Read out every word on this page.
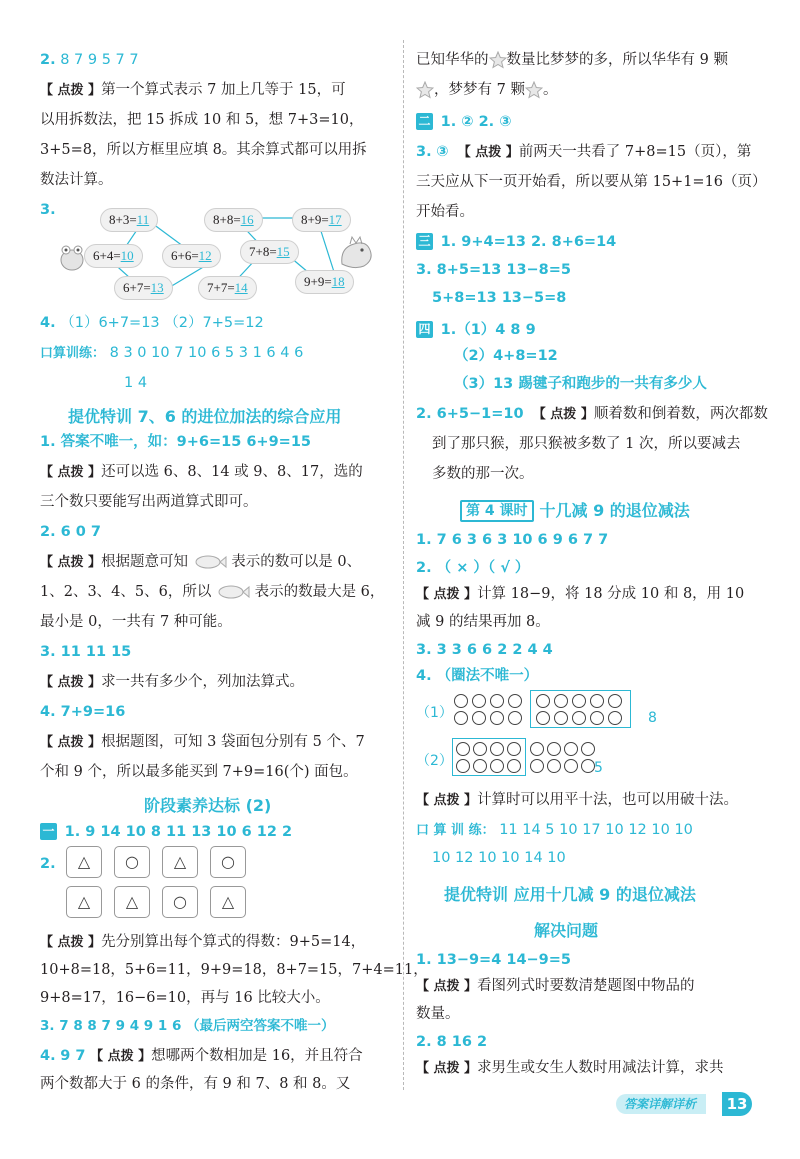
2. 8 7 9 5 7 7
【 点拨 】第一个算式表示 7 加上几等于 15，可
以用拆数法，把 15 拆成 10 和 5，想 7+3=10，
3+5=8，所以方框里应填 8。其余算式都可以用拆
数法计算。
3.
8+3=11	8+8=16	8+9=17
6+4=10	6+6=12	7+8=15
6+7=13	7+7=14	9+9=18
4. （1）6+7=13 （2）7+5=12
口算训练： 8 3 0 10 7 10 6 5 3 1 6 4 6
1 4
提优特训 7、6 的进位加法的综合应用
1. 答案不唯一，如：9+6=15 6+9=15
【 点拨 】还可以选 6、8、14 或 9、8、17，选的
三个数只要能写出两道算式即可。
2. 6 0 7
【 点拨 】根据题意可知	表示的数可以是 0、
1、2、3、4、5、6，所以	表示的数最大是 6，
最小是 0，一共有 7 种可能。
3. 11 11 15
【 点拨 】求一共有多少个，列加法算式。
4. 7+9=16
【 点拨 】根据题图，可知 3 袋面包分别有 5 个、7
个和 9 个，所以最多能买到 7+9=16(个) 面包。
阶段素养达标 (2)
一 1. 9 14 10 8 11 13 10 6 12 2
2.	△	○	△	○
△	△	○	△
【 点拨 】先分别算出每个算式的得数：9+5=14，
10+8=18，5+6=11，9+9=18，8+7=15，7+4=11，
9+8=17，16−6=10，再与 16 比较大小。
3. 7 8 8 7 9 4 9 1 6 （最后两空答案不唯一）
4. 9 7 【 点拨 】想哪两个数相加是 16，并且符合
两个数都大于 6 的条件，有 9 和 7、8 和 8。又
已知华华的 数量比梦梦的多，所以华华有 9 颗
，梦梦有 7 颗 。
二 1. ② 2. ③
3. ③ 【 点拨 】前两天一共看了 7+8=15（页），第
三天应从下一页开始看，所以要从第 15+1=16（页）
开始看。
三 1. 9+4=13 2. 8+6=14
3. 8+5=13 13−8=5
5+8=13 13−5=8
四 1.（1）4 8 9
（2）4+8=12
（3）13 踢毽子和跑步的一共有多少人
2. 6+5−1=10 【 点拨 】顺着数和倒着数，两次都数
到了那只猴，那只猴被多数了 1 次，所以要减去
多数的那一次。
第 4 课时 十几减 9 的退位减法
1. 7 6 3 6 3 10 6 9 6 7 7
2. （ × ）（ √ ）
【 点拨 】计算 18−9，将 18 分成 10 和 8，用 10
减 9 的结果再加 8。
3. 3 3 6 6 2 2 4 4
4. （圈法不唯一）
（1）	8
（2）	5
【 点拨 】计算时可以用平十法，也可以用破十法。
口 算 训 练： 11 14 5 10 17 10 12 10 10
10 12 10 10 14 10
提优特训 应用十几减 9 的退位减法
解决问题
1. 13−9=4 14−9=5
【 点拨 】看图列式时要数清楚题图中物品的
数量。
2. 8 16 2
【 点拨 】求男生或女生人数时用减法计算，求共
答案详解详析	13
